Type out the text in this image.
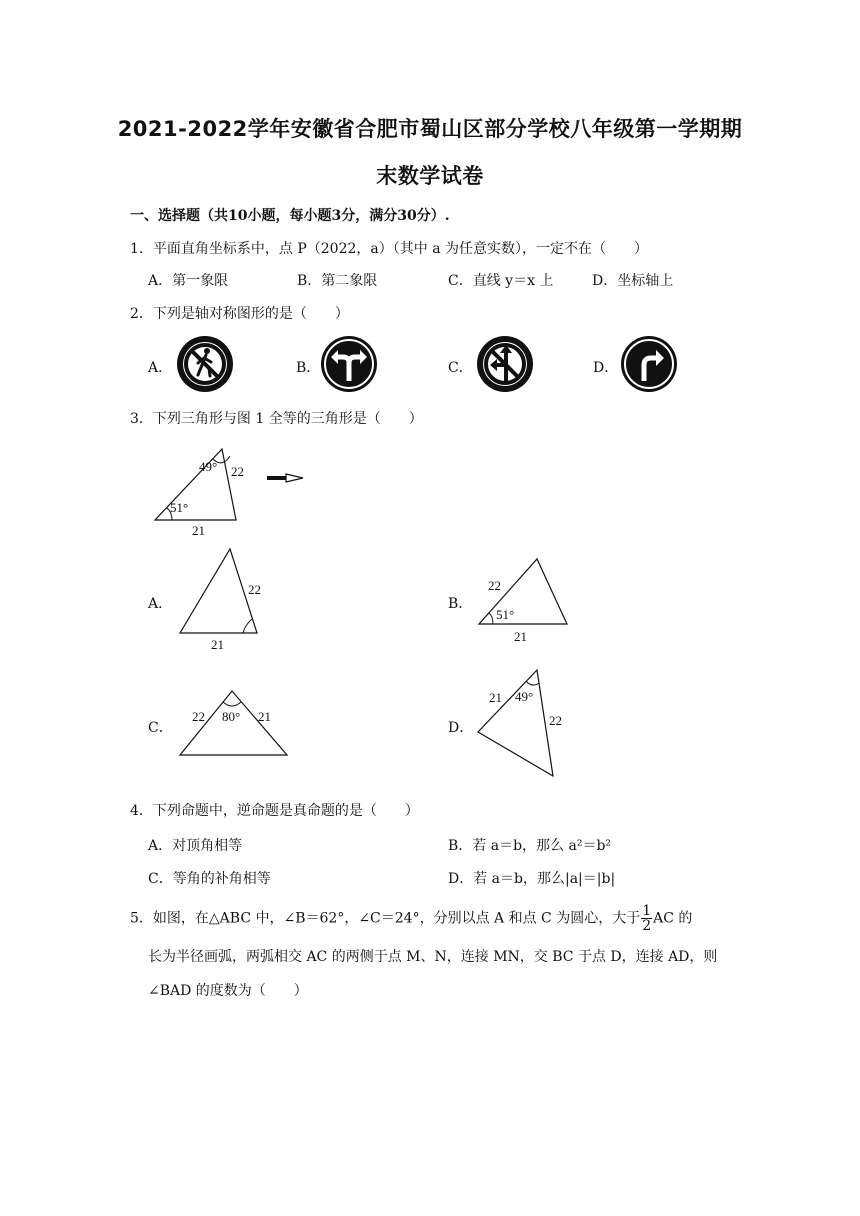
2021-2022学年安徽省合肥市蜀山区部分学校八年级第一学期期
末数学试卷
一、选择题（共10小题，每小题3分，满分30分）.
1．平面直角坐标系中，点 P（2022，a）（其中 a 为任意实数），一定不在（　　）
A．第一象限	B．第二象限	C．直线 y＝x 上	D．坐标轴上
2．下列是轴对称图形的是（　　）
A．	B．	C．	D．
3．下列三角形与图 1 全等的三角形是（　　）
49° 22
51°
21
A．
22
21
B．
22
51°
21
C．
22 80° 21
D．
21 49°
22
4．下列命题中，逆命题是真命题的是（　　）
A．对顶角相等	B．若 a＝b，那么 a²＝b²
C．等角的补角相等	D．若 a＝b，那么|a|＝|b|
5．如图，在△ABC 中，∠B＝62°，∠C＝24°，分别以点 A 和点 C 为圆心，大于 $\frac{1}{2}$ AC 的
长为半径画弧，两弧相交 AC 的两侧于点 M、N，连接 MN，交 BC 于点 D，连接 AD，则
∠BAD 的度数为（　　）
